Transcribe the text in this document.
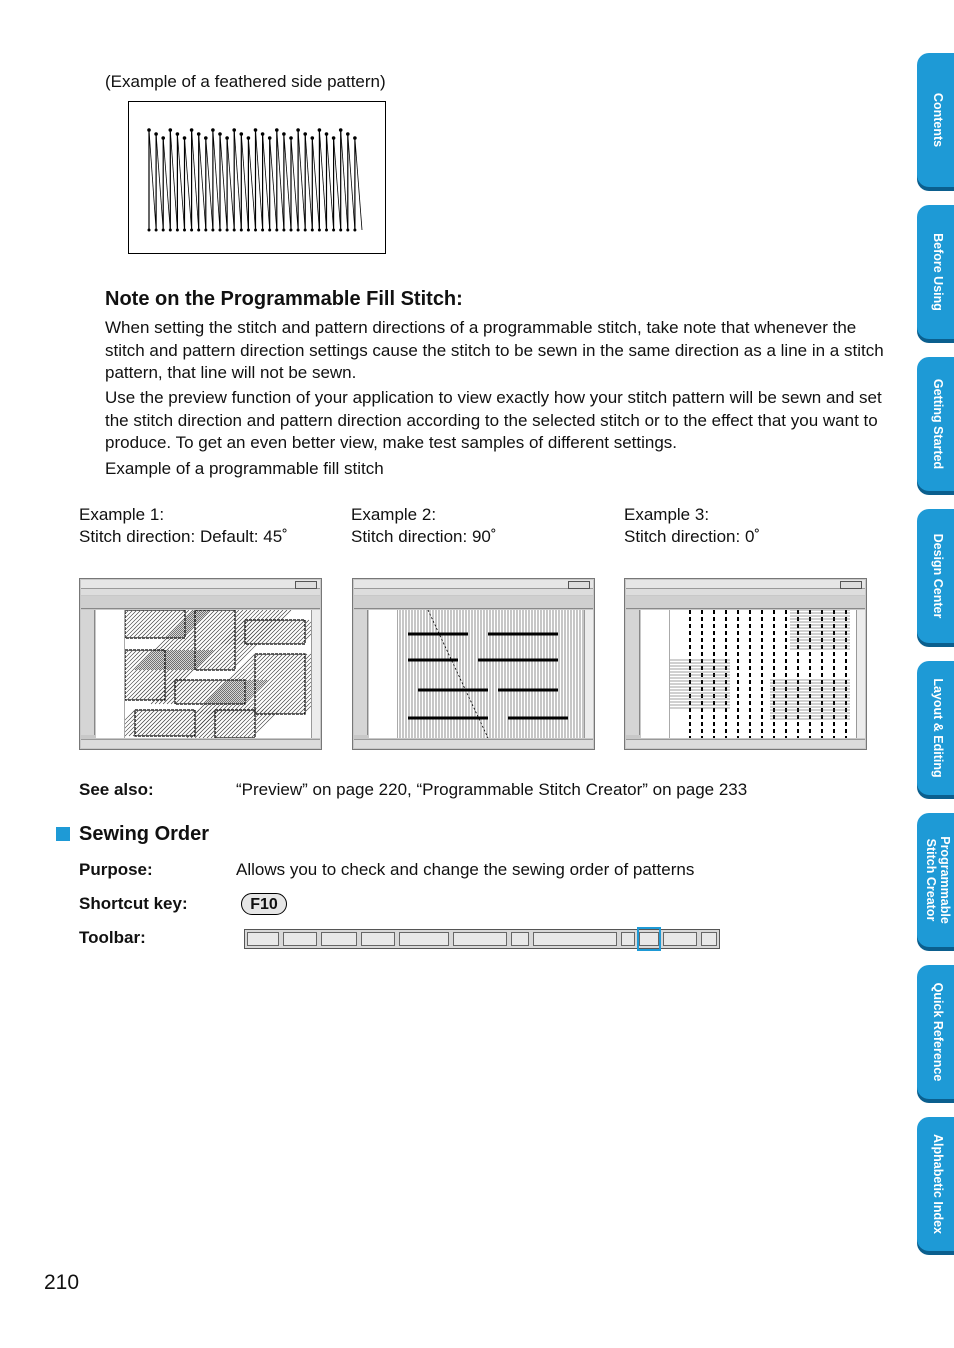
(Example of a feathered side pattern)
Note on the Programmable Fill Stitch:
When setting the stitch and pattern directions of a programmable stitch, take note that whenever the stitch and pattern direction settings cause the stitch to be sewn in the same direction as a line in a stitch pattern, that line will not be sewn.
Use the preview function of your application to view exactly how your stitch pattern will be sewn and set the stitch direction and pattern direction according to the selected stitch or to the effect that you want to produce. To get an even better view, make test samples of different settings.
Example of a programmable fill stitch
Example 1:
Stitch direction: Default: 45˚
Example 2:
Stitch direction: 90˚
Example 3:
Stitch direction: 0˚
See also:	“Preview” on page 220, “Programmable Stitch Creator” on page 233
Sewing Order
Purpose:	Allows you to check and change the sewing order of patterns
Shortcut key:	F10
Toolbar:
210
Contents
Before Using
Getting Started
Design Center
Layout & Editing
Programmable Stitch Creator
Quick Reference
Alphabetic Index
